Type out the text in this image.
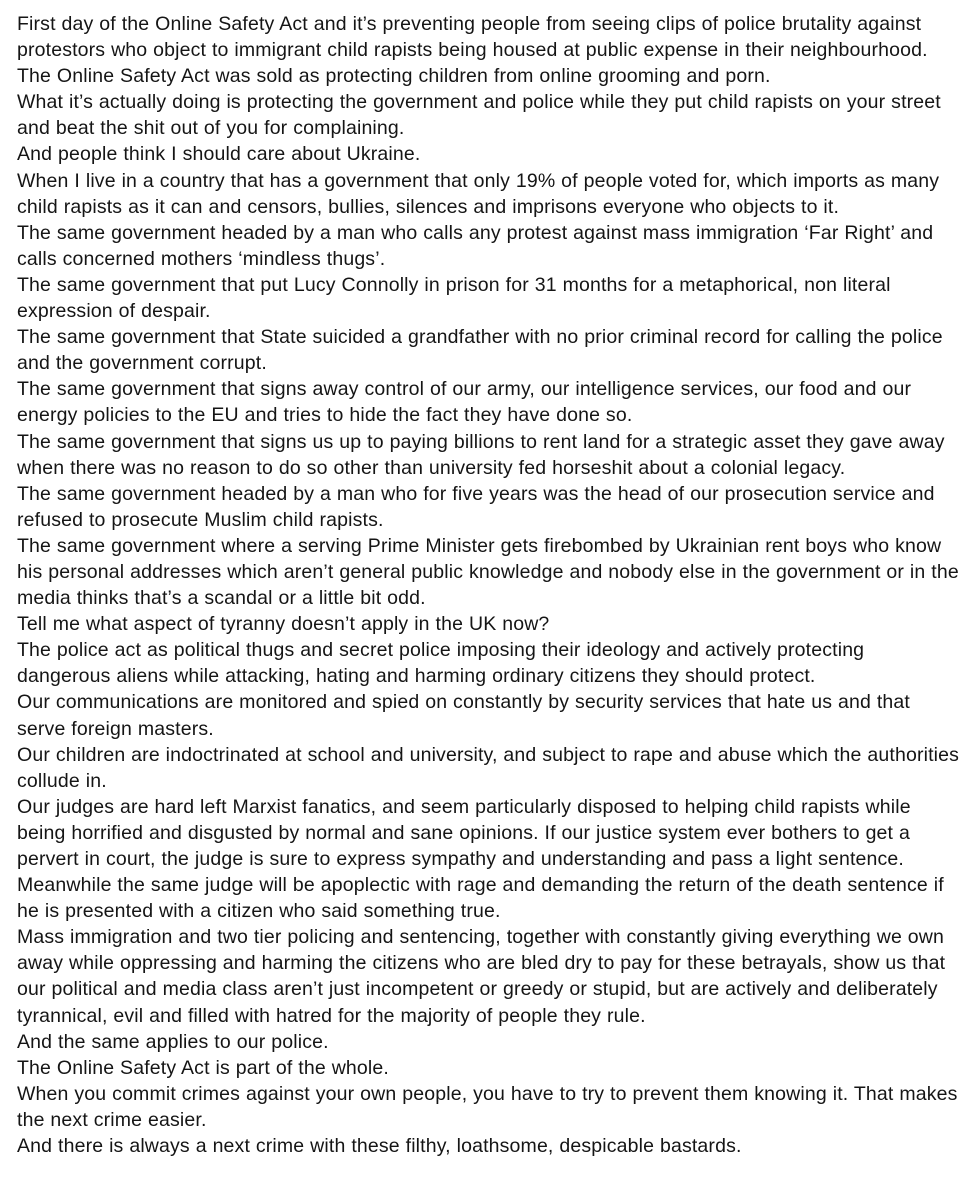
First day of the Online Safety Act and it’s preventing people from seeing clips of police brutality against protestors who object to immigrant child rapists being housed at public expense in their neighbourhood.

The Online Safety Act was sold as protecting children from online grooming and porn.

What it’s actually doing is protecting the government and police while they put child rapists on your street and beat the shit out of you for complaining.

And people think I should care about Ukraine.

When I live in a country that has a government that only 19% of people voted for, which imports as many child rapists as it can and censors, bullies, silences and imprisons everyone who objects to it.

The same government headed by a man who calls any protest against mass immigration ‘Far Right’ and calls concerned mothers ‘mindless thugs’.

The same government that put Lucy Connolly in prison for 31 months for a metaphorical, non literal expression of despair.

The same government that State suicided a grandfather with no prior criminal record for calling the police and the government corrupt.

The same government that signs away control of our army, our intelligence services, our food and our energy policies to the EU and tries to hide the fact they have done so.

The same government that signs us up to paying billions to rent land for a strategic asset they gave away when there was no reason to do so other than university fed horseshit about a colonial legacy.

The same government headed by a man who for five years was the head of our prosecution service and refused to prosecute Muslim child rapists.

The same government where a serving Prime Minister gets firebombed by Ukrainian rent boys who know his personal addresses which aren’t general public knowledge and nobody else in the government or in the media thinks that’s a scandal or a little bit odd.

Tell me what aspect of tyranny doesn’t apply in the UK now?

The police act as political thugs and secret police imposing their ideology and actively protecting dangerous aliens while attacking, hating and harming ordinary citizens they should protect.

Our communications are monitored and spied on constantly by security services that hate us and that serve foreign masters.

Our children are indoctrinated at school and university, and subject to rape and abuse which the authorities collude in.

Our judges are hard left Marxist fanatics, and seem particularly disposed to helping child rapists while being horrified and disgusted by normal and sane opinions. If our justice system ever bothers to get a pervert in court, the judge is sure to express sympathy and understanding and pass a light sentence.

Meanwhile the same judge will be apoplectic with rage and demanding the return of the death sentence if he is presented with a citizen who said something true.

Mass immigration and two tier policing and sentencing, together with constantly giving everything we own away while oppressing and harming the citizens who are bled dry to pay for these betrayals, show us that our political and media class aren’t just incompetent or greedy or stupid, but are actively and deliberately tyrannical, evil and filled with hatred for the majority of people they rule.

And the same applies to our police.

The Online Safety Act is part of the whole.

When you commit crimes against your own people, you have to try to prevent them knowing it. That makes the next crime easier.

And there is always a next crime with these filthy, loathsome, despicable bastards.
